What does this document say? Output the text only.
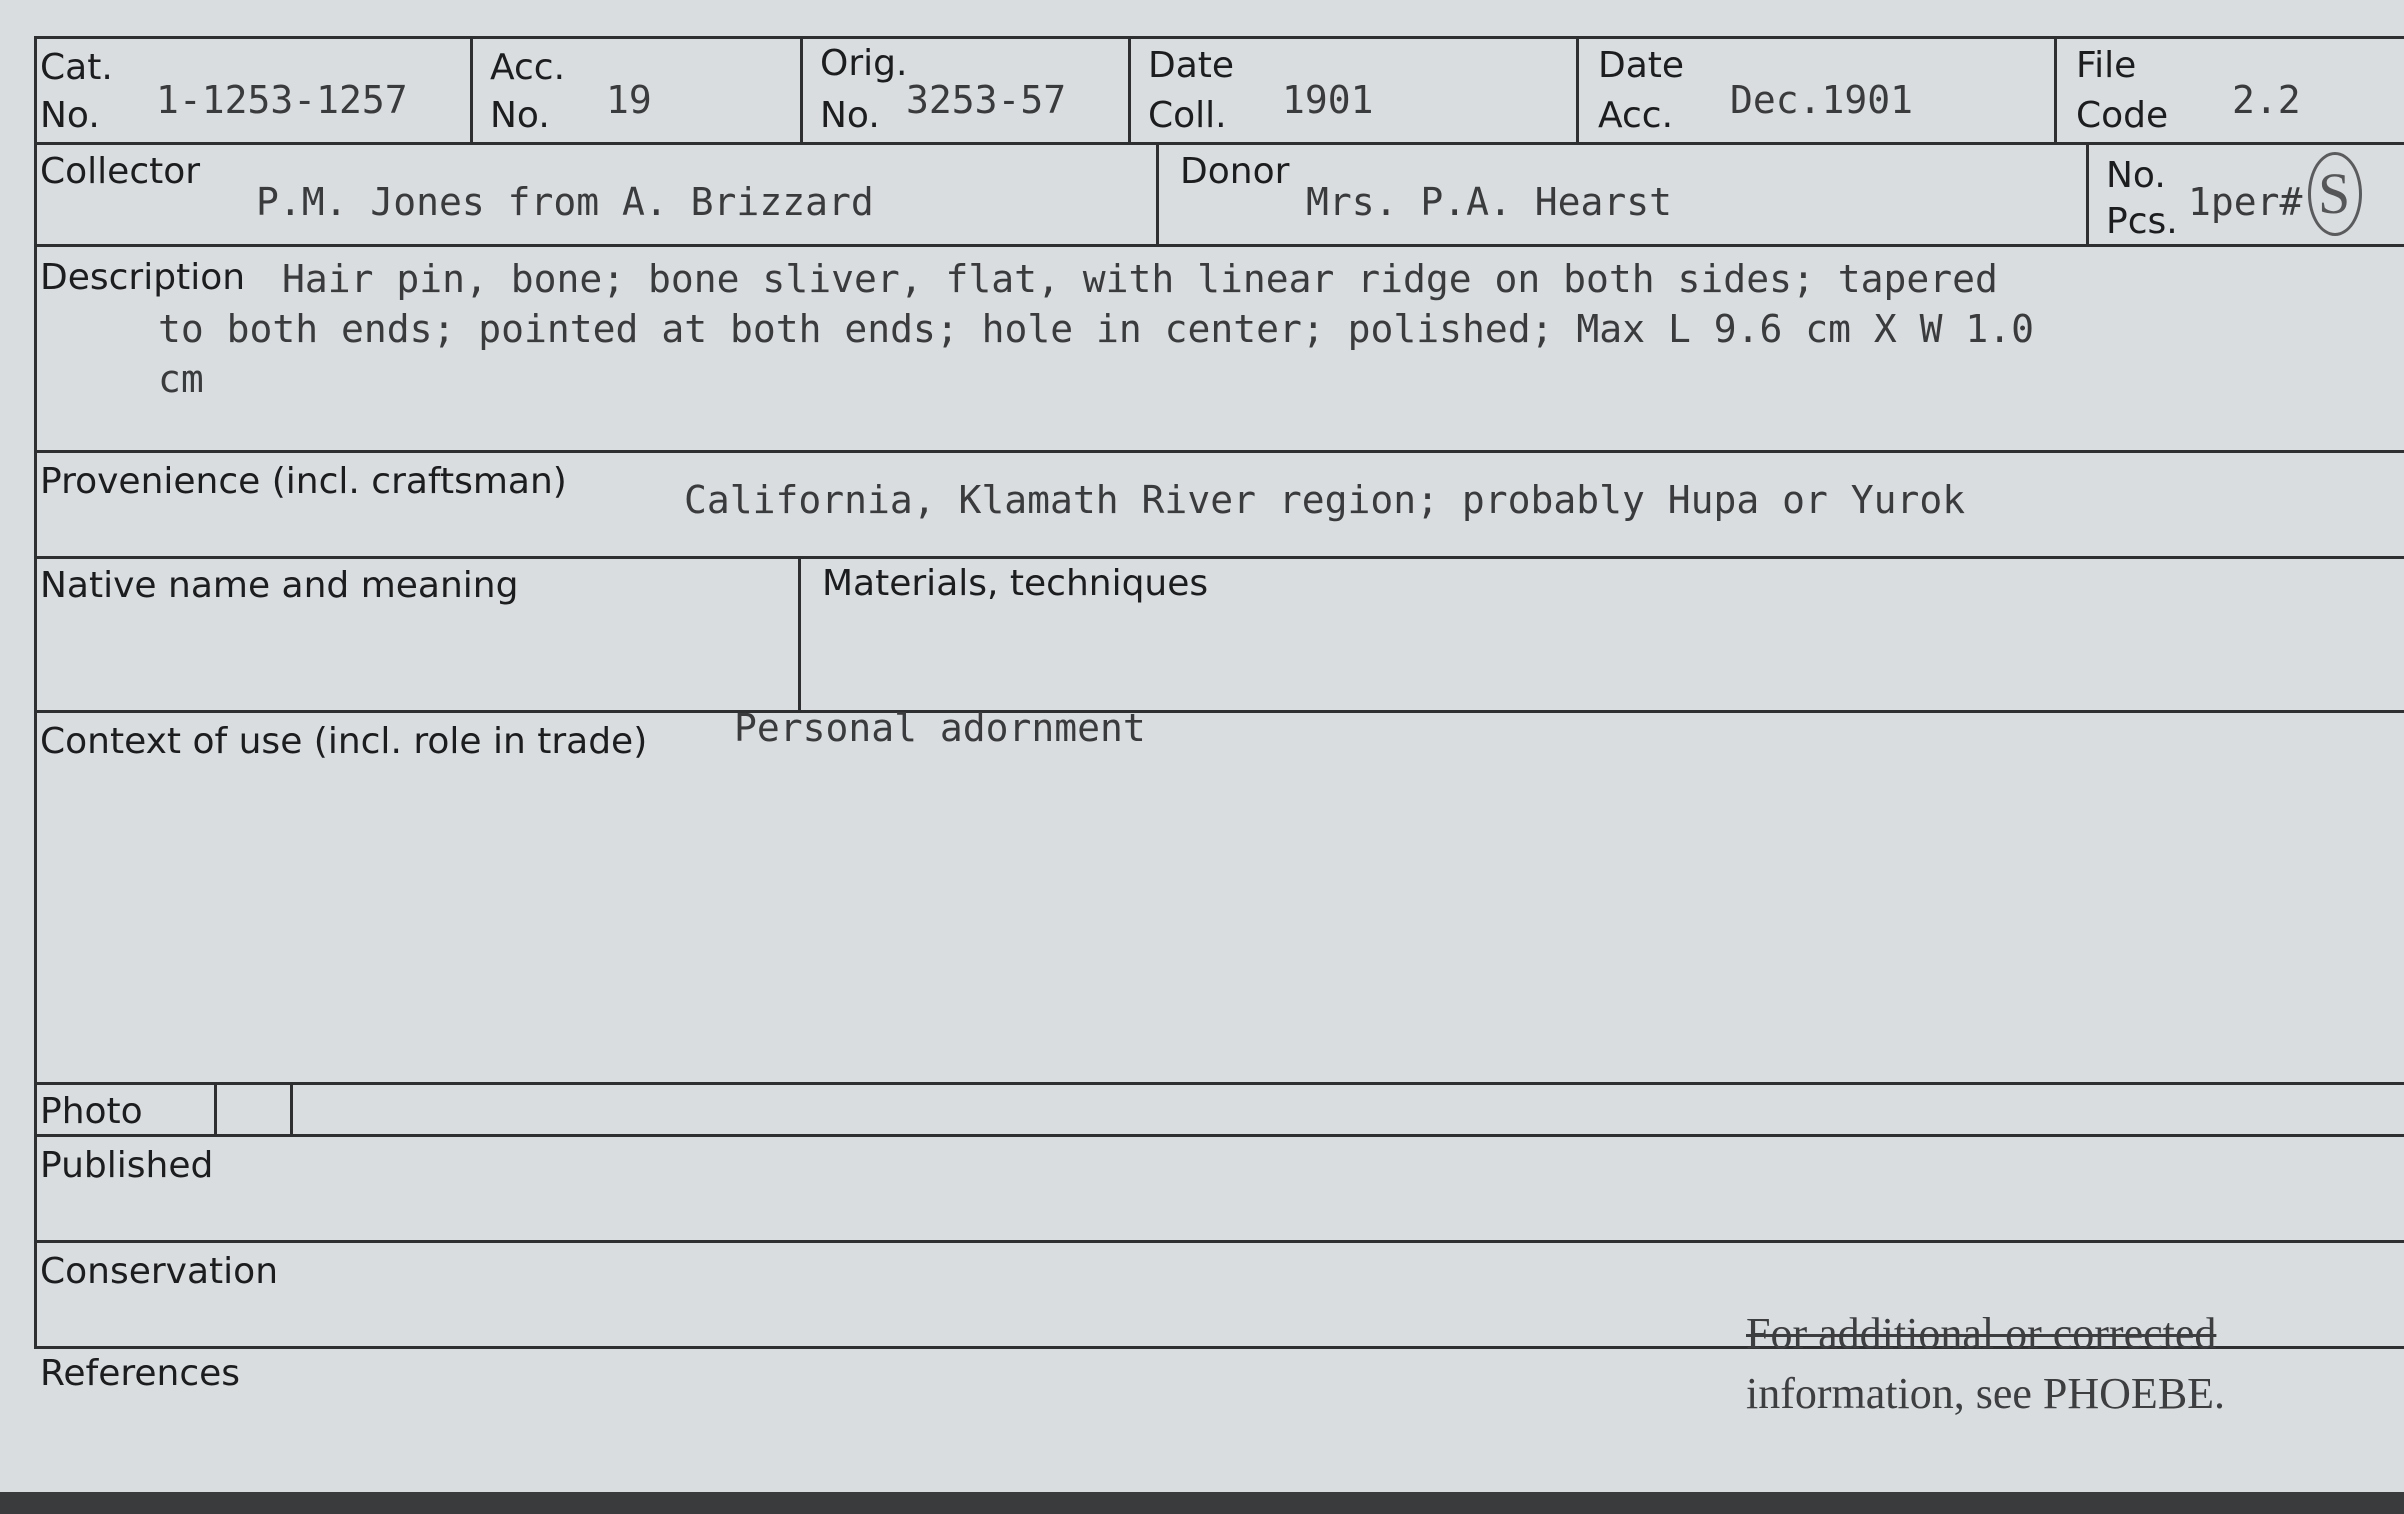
Cat.
No. 1-1253-1257
Acc.
No. 19
Orig.
No. 3253-57
Date
Coll. 1901
Date
Acc. Dec.1901
File
Code 2.2
Collector
P.M. Jones from A. Brizzard
Donor
Mrs. P.A. Hearst
No.
Pcs. 1per# S
Description Hair pin, bone; bone sliver, flat, with linear ridge on both sides; tapered
to both ends; pointed at both ends; hole in center; polished; Max L 9.6 cm X W 1.0
cm
Provenience (incl. craftsman)	California, Klamath River region; probably Hupa or Yurok
Native name and meaning	Materials, techniques
Context of use (incl. role in trade) Personal adornment
Photo
Published
Conservation
References
For additional or corrected
information, see PHOEBE.
